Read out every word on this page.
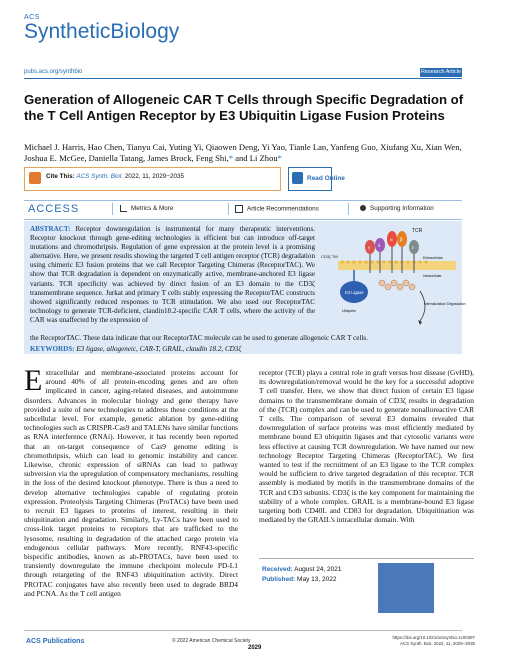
ACS
SyntheticBiology
pubs.acs.org/synthbio	Research Article
Generation of Allogeneic CAR T Cells through Specific Degradation of the T Cell Antigen Receptor by E3 Ubiquitin Ligase Fusion Proteins
Michael J. Harris, Hao Chen, Tianyu Cai, Yuting Yi, Qiaowen Deng, Yi Yao, Tianle Lan, Yanfeng Guo, Xiufang Xu, Xian Wen, Joshua E. McGee, Daniella Tatang, James Brock, Feng Shi,* and Li Zhou*
Cite This: ACS Synth. Biol. 2022, 11, 2029−2035	Read Online
ACCESS	Metrics & More	Article Recommendations	Supporting Information
ABSTRACT: Receptor downregulation is instrumental for many therapeutic interventions. Receptor knockout through gene-editing technologies is efficient but can introduce off-target mutations and chromothripsis. Regulation of gene expression at the protein level is a promising alternative. Here, we present results showing the targeted T cell antigen receptor (TCR) degradation using chimeric E3 fusion proteins that we call Receptor Targeting Chimeras (ReceptorTAC). We show that TCR degradation is dependent on enzymatically active, membrane-anchored E3 ligase variants. TCR specificity was achieved by direct fusion of an E3 domain to the CD3ζ transmembrane sequence. Jurkat and primary T cells stably expressing the ReceptorTAC constructs showed significantly reduced responses to TCR stimulation. We also used our ReceptorTAC technology to generate TCR-deficient, claudin18.2-specific CAR T cells, where the activity of the CAR was unaffected by the expression of
the ReceptorTAC. These data indicate that our ReceptorTAC molecule can be used to generate allogeneic CAR T cells.
KEYWORDS: E3 ligase, allogeneic, CAR-T, GRAIL, claudin 18.2, CD3ζ
γ δ
α β
ε
TCR
CD3ζ TM	Extracellular
Intracellular
E3 Ligase
Ubiquitin
Internalization/ Degradation
Extracellular and membrane-associated proteins account for around 40% of all protein-encoding genes and are often implicated in cancer, aging-related diseases, and autoimmune disorders. Advances in molecular biology and gene therapy have provided a suite of new technologies to address these conditions at the subcellular level. For example, genetic ablation by gene-editing technologies such as CRISPR-Cas9 and TALENs have similar functions as RNA interference (RNAi). However, it has recently been reported that an on-target consequence of Cas9 genome editing is chromothripsis, which can lead to genomic instability and cancer. Likewise, chronic expression of siRNAs can lead to pathway subversion via the upregulation of compensatory mechanisms, resulting in the loss of the desired knockout phenotype. There is thus a need to develop alternative technologies capable of regulating protein expression. Proteolysis Targeting Chimeras (ProTACs) have been used to recruit E3 ligases to proteins of interest, resulting in their ubiquitination and degradation. Similarly, Ly-TACs have been used to cross-link target proteins to receptors that are trafficked to the lysosome, resulting in degradation of the attached cargo protein via endogenous cellular pathways. More recently, RNF43-specific bispecific antibodies, known as ab-PROTACs, have been used to transiently downregulate the immune checkpoint molecule PD-L1 through retargeting of the RNF43 ubiquitination activity. Direct PROTAC conjugates have also recently been used to degrade BRD4 and PCNA. As the T cell antigen
receptor (TCR) plays a central role in graft versus host disease (GvHD), its downregulation/removal would be the key for a successful adoptive T cell transfer. Here, we show that direct fusion of certain E3 ligase domains to the transmembrane domain of CD3ζ results in degradation of the (TCR) complex and can be used to generate nonalloreactive CAR T cells. The comparison of several E3 domains revealed that downregulation of surface proteins was most efficiently mediated by membrane bound E3 ubiquitin ligases and that cytosolic variants were less effective at causing TCR downregulation. We have named our new technology Receptor Targeting Chimeras (ReceptorTAC). We first wanted to test if the recruitment of an E3 ligase to the TCR complex would be sufficient to drive targeted degradation of this receptor. TCR assembly is mediated by motifs in the transmembrane domains of the TCR and CD3 subunits. CD3ζ is the key component for maintaining the stability of a whole complex. GRAIL is a membrane-bound E3 ligase targeting both CD40L and CD83 for degradation. Ubiquitination was mediated by the GRAIL's intracellular domain. With
Received: August 24, 2021
Published: May 13, 2022
ACS Publications	© 2022 American Chemical Society
2029
https://doi.org/10.1021/acssynbio.1c00397
ACS Synth. Biol. 2022, 11, 2029−2035
